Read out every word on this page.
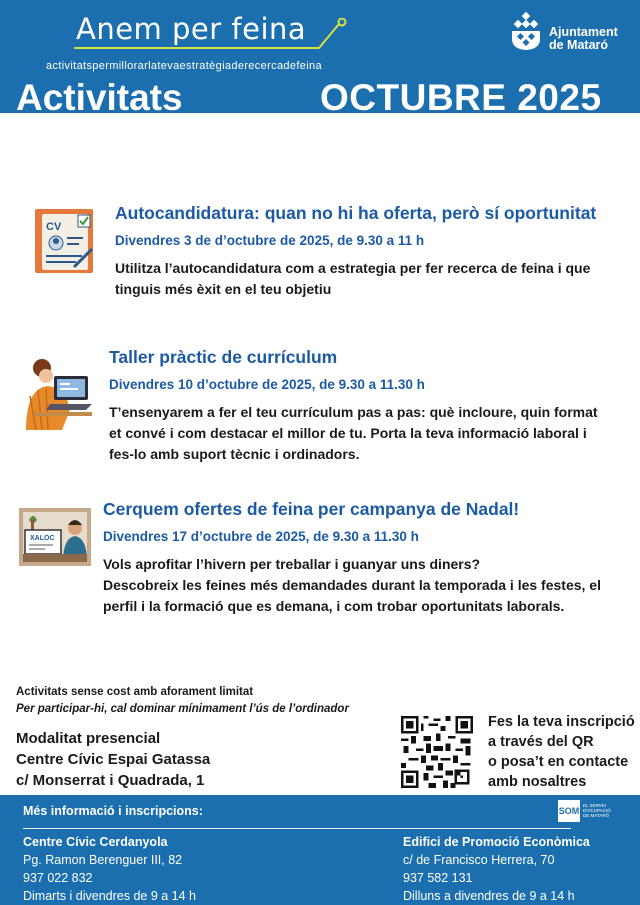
Anem per feina
activitatspermillorarlatevaestratègiaderecercadefeina
Activitats	OCTUBRE 2025
Ajuntament
de Mataró
CV
Autocandidatura: quan no hi ha oferta, però sí oportunitat
Divendres 3 de d’octubre de 2025, de 9.30 a 11 h
Utilitza l’autocandidatura com a estrategia per fer recerca de feina i que tinguis més èxit en el teu objetiu
Taller pràctic de currículum
Divendres 10 d’octubre de 2025, de 9.30 a 11.30 h
T’ensenyarem a fer el teu currículum pas a pas: què incloure, quin format et convé i com destacar el millor de tu. Porta la teva informació laboral i fes-lo amb suport tècnic i ordinadors.
XALOC
Cerquem ofertes de feina per campanya de Nadal!
Divendres 17 d’octubre de 2025, de 9.30 a 11.30 h
Vols aprofitar l’hivern per treballar i guanyar uns diners?
Descobreix les feines més demandades durant la temporada i les festes, el perfil i la formació que es demana, i com trobar oportunitats laborals.
Activitats sense cost amb aforament limitat
Per participar-hi, cal dominar mínimament l’ús de l’ordinador
Modalitat presencial
Centre Cívic Espai Gatassa
c/ Monserrat i Quadrada, 1
Fes la teva inscripció
a través del QR
o posa’t en contacte
amb nosaltres
Més informació i inscripcions:	SOM
EL SERVEI
D'OCUPACIÓ
DE MATARÓ
Centre Cívic Cerdanyola
Pg. Ramon Berenguer III, 82
937 022 832
Dimarts i divendres de 9 a 14 h
Edifici de Promoció Econòmica
c/ de Francisco Herrera, 70
937 582 131
Dilluns a divendres de 9 a 14 h
